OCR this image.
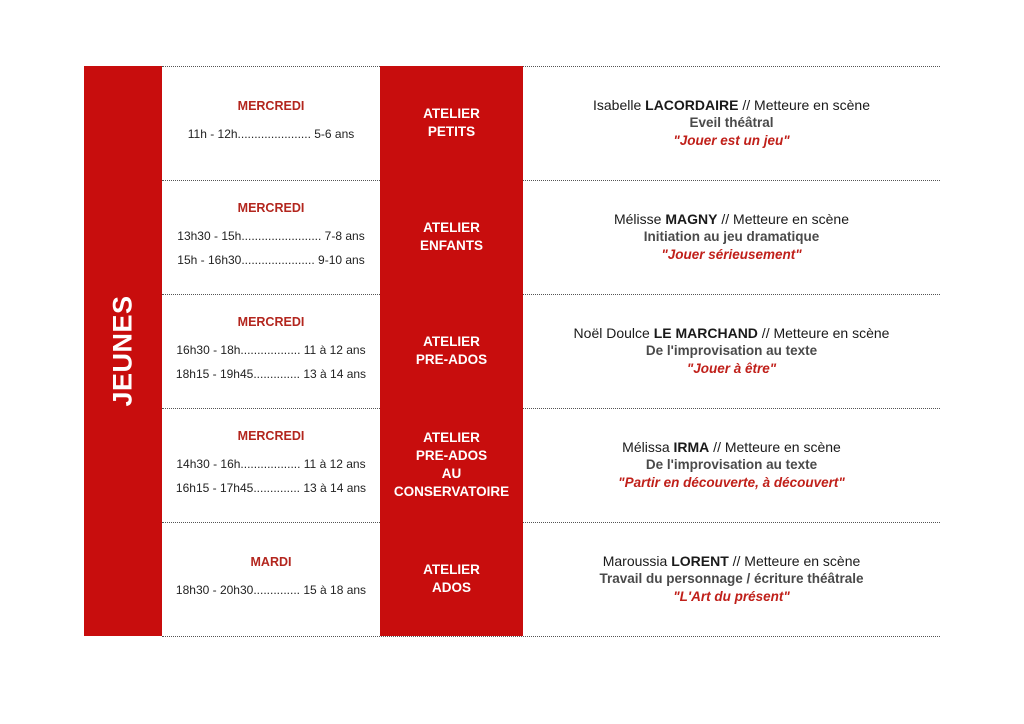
JEUNES
MERCREDI
11h - 12h...................... 5-6 ans
ATELIER
PETITS
Isabelle LACORDAIRE // Metteure en scène
Eveil théâtral
"Jouer est un jeu"
MERCREDI
13h30 - 15h........................ 7-8 ans
15h - 16h30...................... 9-10 ans
ATELIER
ENFANTS
Mélisse MAGNY // Metteure en scène
Initiation au jeu dramatique
"Jouer sérieusement"
MERCREDI
16h30 - 18h.................. 11 à 12 ans
18h15 - 19h45.............. 13 à 14 ans
ATELIER
PRE-ADOS
Noël Doulce LE MARCHAND // Metteure en scène
De l'improvisation au texte
"Jouer à être"
MERCREDI
14h30 - 16h.................. 11 à 12 ans
16h15 - 17h45.............. 13 à 14 ans
ATELIER
PRE-ADOS
AU
CONSERVATOIRE
Mélissa IRMA // Metteure en scène
De l'improvisation au texte
"Partir en découverte, à découvert"
MARDI
18h30 - 20h30.............. 15 à 18 ans
ATELIER
ADOS
Maroussia LORENT // Metteure en scène
Travail du personnage / écriture théâtrale
"L'Art du présent"
